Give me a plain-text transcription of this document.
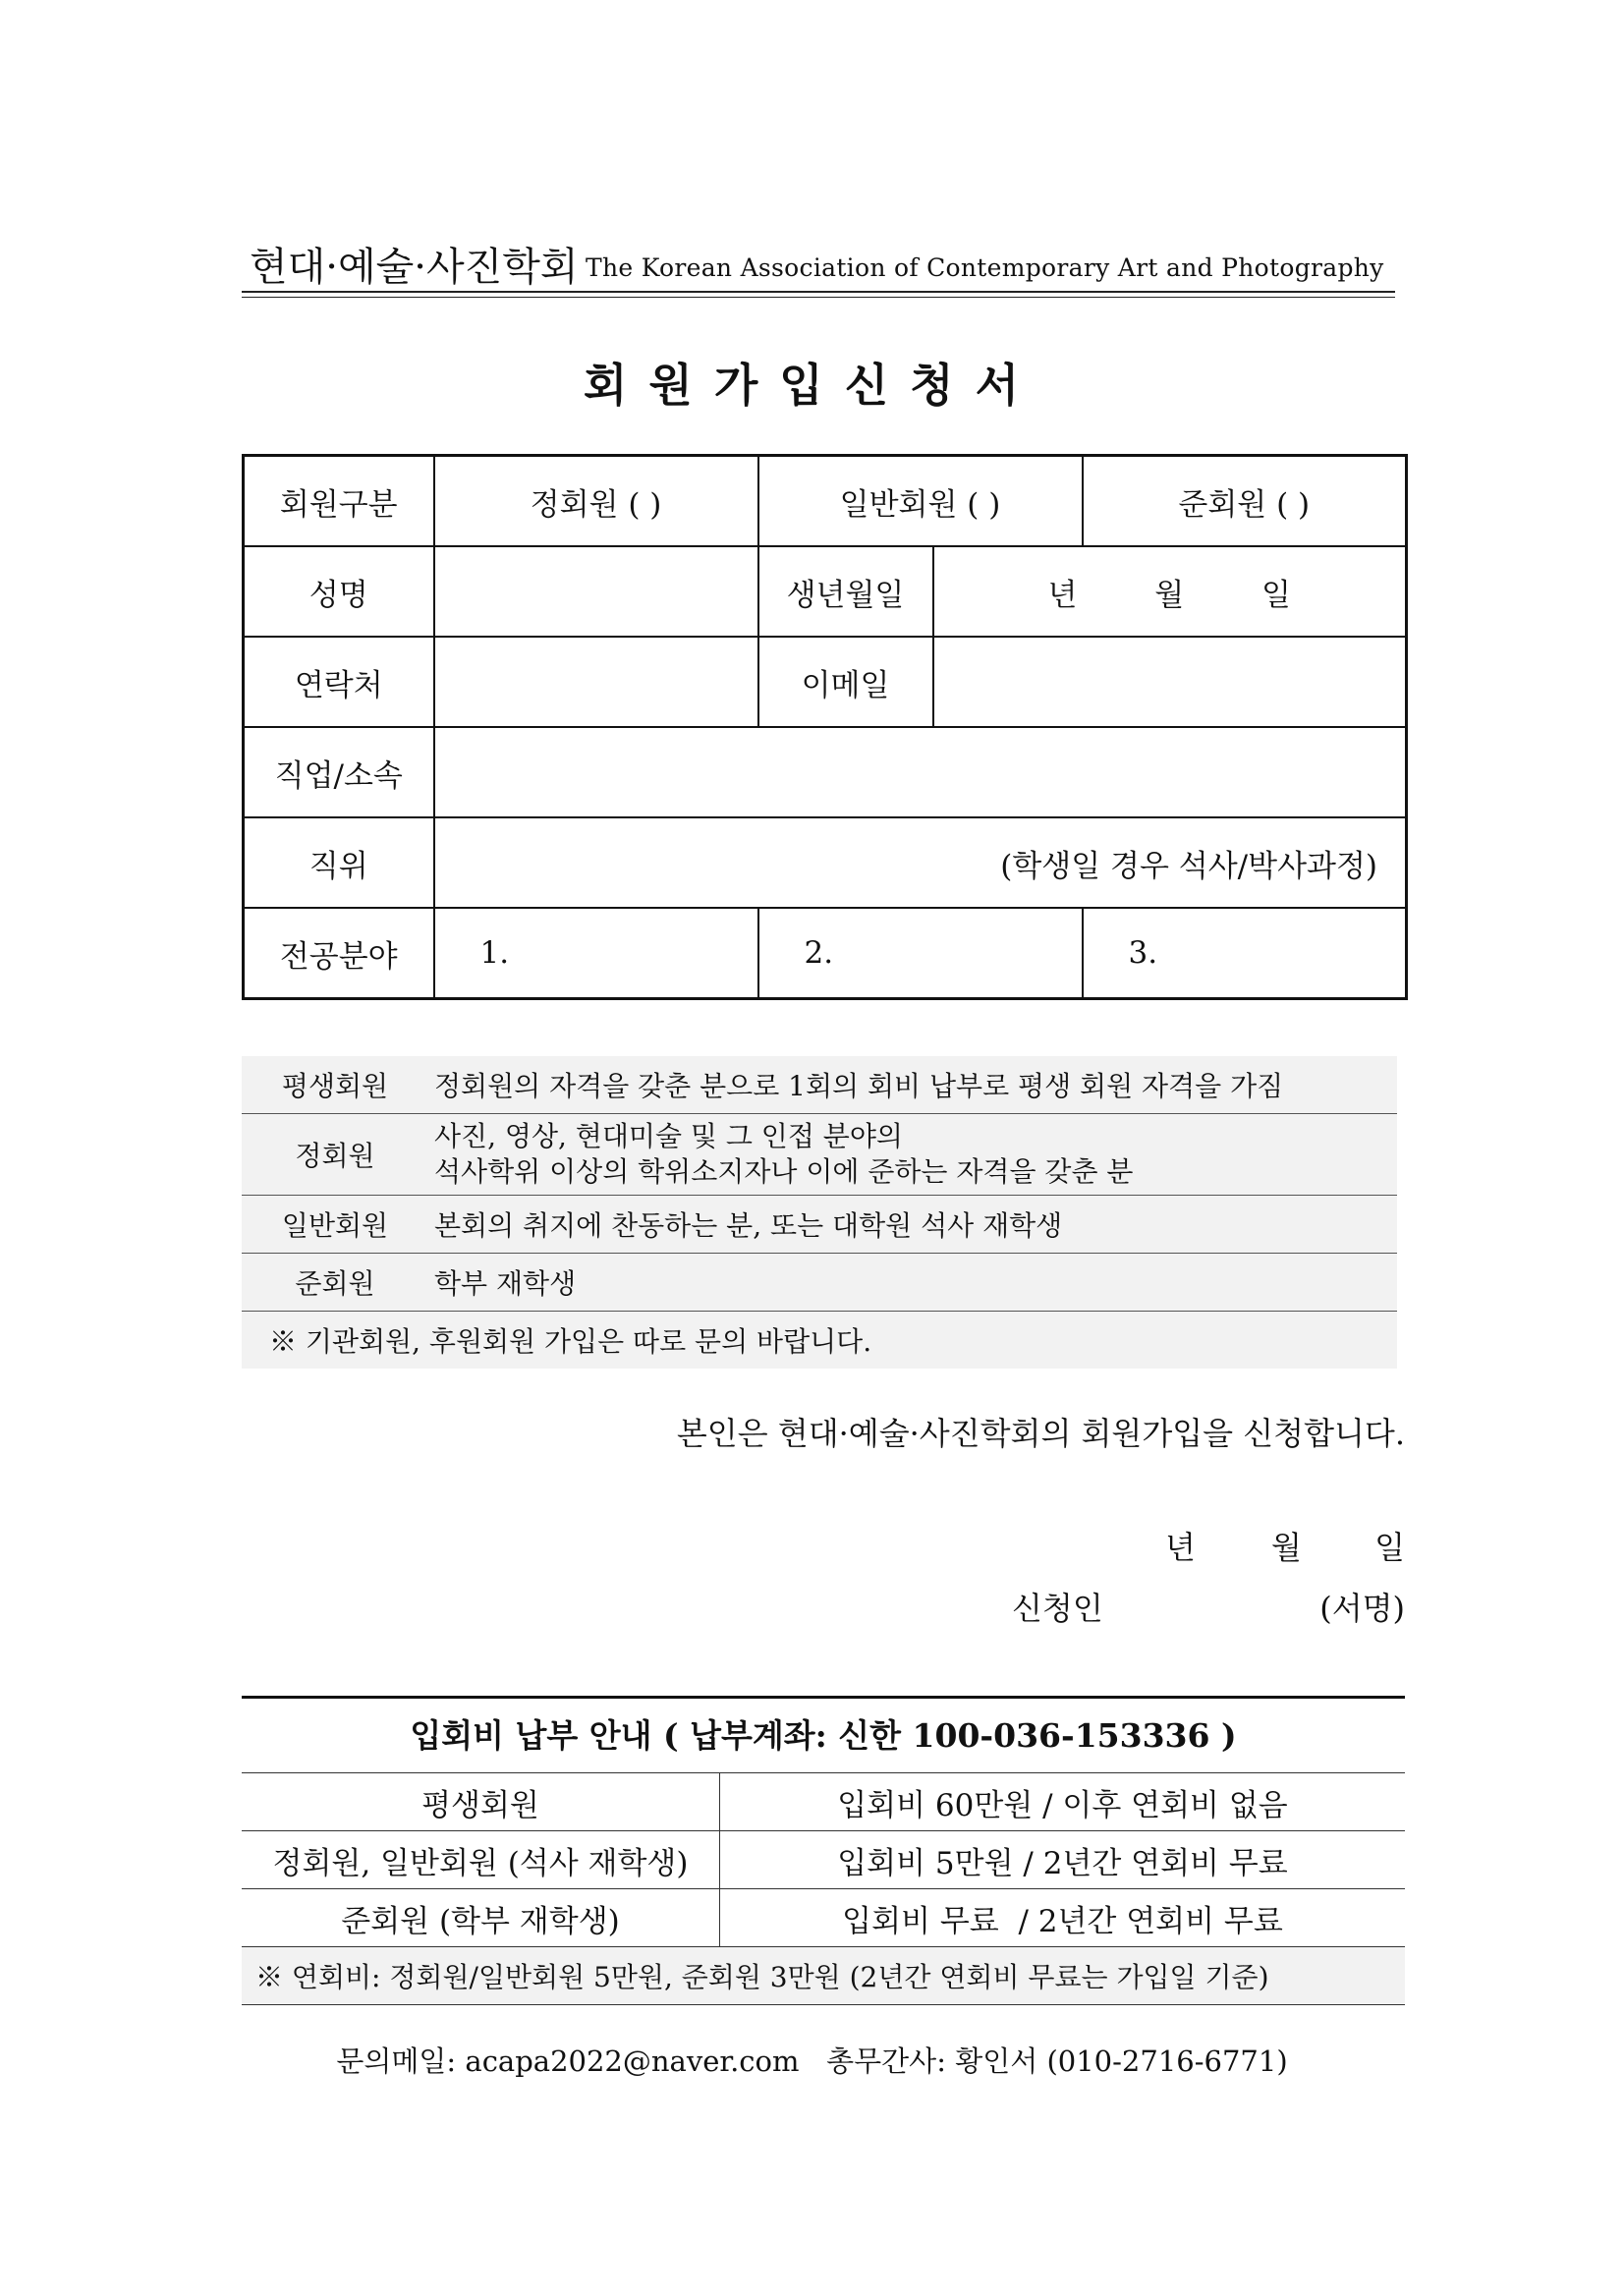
현대·예술·사진학회 The Korean Association of Contemporary Art and Photography
회원가입신청서
회원구분	정회원 ( )	일반회원 ( )		준회원 ( )
성명		생년월일	년        월        일	
연락처		이메일		
직업/소속				
직위	(학생일 경우 석사/박사과정)			
전공분야	1.	2.		3.
평생회원	정회원의 자격을 갖춘 분으로 1회의 회비 납부로 평생 회원 자격을 가짐
정회원	사진, 영상, 현대미술 및 그 인접 분야의
석사학위 이상의 학위소지자나 이에 준하는 자격을 갖춘 분

일반회원	본회의 취지에 찬동하는 분, 또는 대학원 석사 재학생
준회원	학부 재학생
※ 기관회원, 후원회원 가입은 따로 문의 바랍니다.	
본인은 현대·예술·사진학회의 회원가입을 신청합니다.
년 월 일
신청인	(서명)
입회비 납부 안내 ( 납부계좌: 신한 100-036-153336 )
평생회원	입회비 60만원 / 이후 연회비 없음
정회원, 일반회원 (석사 재학생)	입회비 5만원 / 2년간 연회비 무료
준회원 (학부 재학생)	입회비 무료  / 2년간 연회비 무료
※ 연회비: 정회원/일반회원 5만원, 준회원 3만원 (2년간 연회비 무료는 가입일 기준)	
문의메일: acapa2022@naver.com   총무간사: 황인서 (010-2716-6771)
